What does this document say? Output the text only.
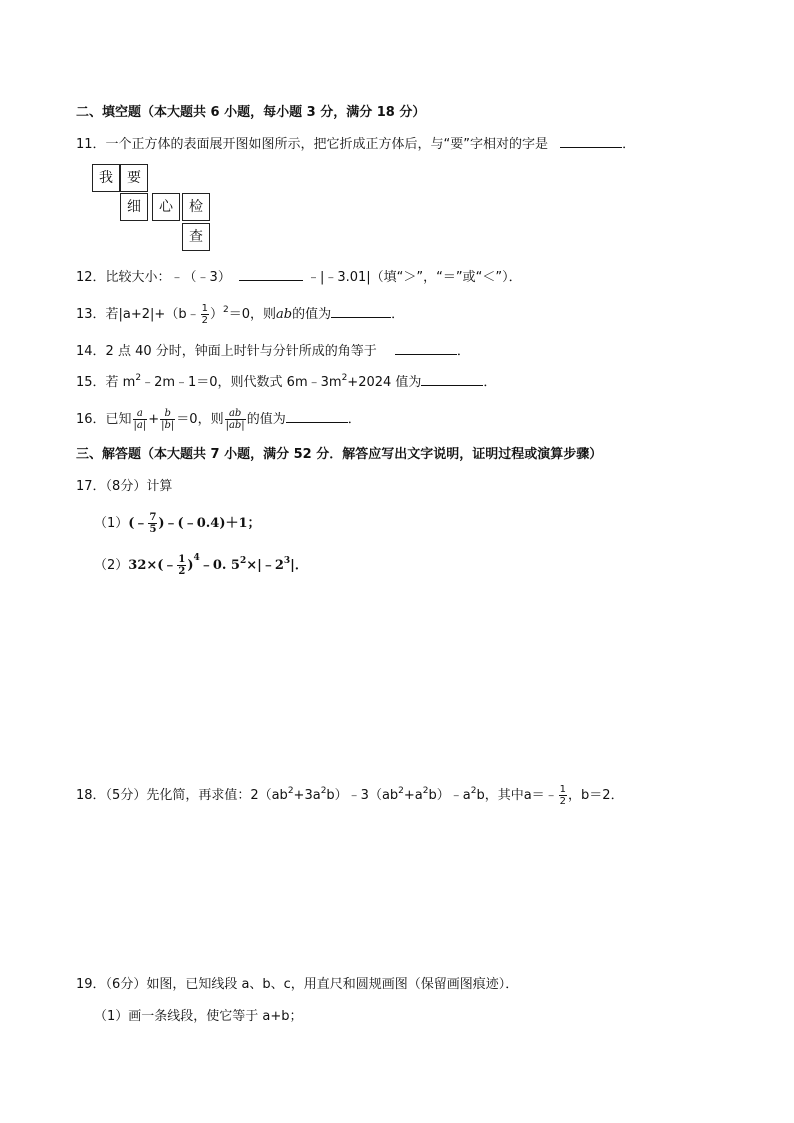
二、填空题（本大题共 6 小题，每小题 3 分，满分 18 分）
11．一个正方体的表面展开图如图所示，把它折成正方体后，与“要”字相对的字是	．
我	要
细	心	检
查
12．比较大小：﹣（﹣3）	﹣|﹣3.01|（填“＞”，“＝”或“＜”）．
13．若|a+2|+（b﹣ $\frac{1}{2} )^2=0$，则ab的值为	．
14．2 点 40 分时，钟面上时针与分针所成的角等于	．
15．若 $m^2﹣2m﹣1=0$，则代数式 $6m﹣3m^2+2024$ 值为	．
16．已知 $\frac{a}{|a|} + \frac{b}{|b|} =0$，则 $\frac{ab}{|ab|}$ 的值为	．
三、解答题（本大题共 7 小题，满分 52 分．解答应写出文字说明，证明过程或演算步骤）
17．（8分）计算
（1）(﹣ $\frac{7}{5}$ )﹣(﹣0.4)＋1；
（2）32×(﹣ $\frac{1}{2}$ )$^4$﹣0. $5^2\times|﹣2^3|$．
18．（5分）先化简，再求值：$2(ab^2+3a^2b)﹣3(ab^2+a^2b)﹣a^2b$，其中a＝﹣ $\frac{1}{2}$ ，b＝2．
19．（6分）如图，已知线段 a、b、c，用直尺和圆规画图（保留画图痕迹）．
（1）画一条线段，使它等于 a+b；
